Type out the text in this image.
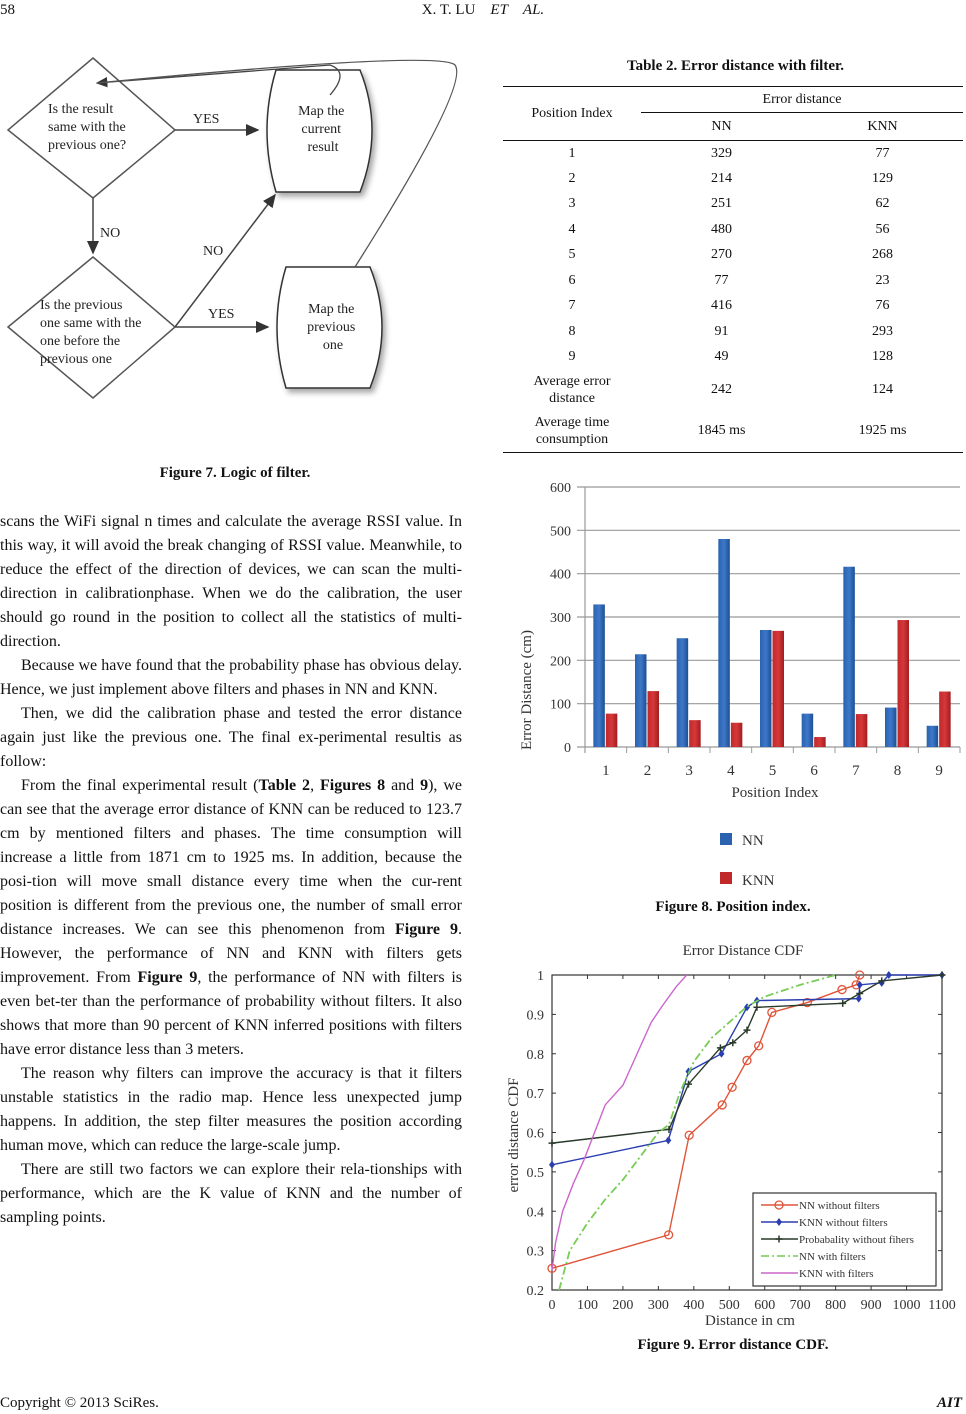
58	X. T. LU ET AL.
Is the result same with the previous one?
Is the previous one same with the one before the previous one
Map the current result
Map the previous one
YES
NO
NO
YES
Figure 7. Logic of filter.

scans the WiFi signal n times and calculate the average RSSI value. In this way, it will avoid the break changing of RSSI value. Meanwhile, to reduce the effect of the direction of devices, we can scan the multi-direction in calibrationphase. When we do the calibration, the user should go round in the position to collect all the statistics of multi-direction.

Because we have found that the probability phase has obvious delay. Hence, we just implement above filters and phases in NN and KNN.

Then, we did the calibration phase and tested the error distance again just like the previous one. The final ex-perimental resultis as follow:

From the final experimental result (Table 2, Figures 8 and 9), we can see that the average error distance of KNN can be reduced to 123.7 cm by mentioned filters and phases. The time consumption will increase a little from 1871 cm to 1925 ms. In addition, because the posi-tion will move small distance every time when the cur-rent position is different from the previous one, the number of small error distance increases. We can see this phenomenon from Figure 9. However, the performance of NN and KNN with filters gets improvement. From Figure 9, the performance of NN with filters is even bet-ter than the performance of probability without filters. It also shows that more than 90 percent of KNN inferred positions with filters have error distance less than 3 meters.

The reason why filters can improve the accuracy is that it filters unstable statistics in the radio map. Hence less unexpected jump happens. In addition, the step filter measures the position according human move, which can reduce the large-scale jump.

There are still two factors we can explore their rela-tionships with performance, which are the K value of KNN and the number of sampling points.

Table 2. Error distance with filter.
Position Index	Error distance	
	NN	KNN
1	329	77
2	214	129
3	251	62
4	480	56
5	270	268
6	77	23
7	416	76
8	91	293
9	49	128
Average error
distance	242	124
Average time
consumption	1845 ms	1925 ms
0
100
200
300
400
500
600
1 2 3 4 5 6 7 8 9
Error Distance (cm)
Position Index
NN
KNN
Figure 8. Position index.
Error Distance CDF
0 100 200 300 400 500 600 700 800 900 1000 1100
0.2
0.3
0.4
0.5
0.6
0.7
0.8
0.9
1
error distance CDF
Distance in cm
NN without filters
KNN without filters
Probabality without fihers
NN with filters
KNN with filters
Figure 9. Error distance CDF.
Copyright © 2013 SciRes.	AIT
